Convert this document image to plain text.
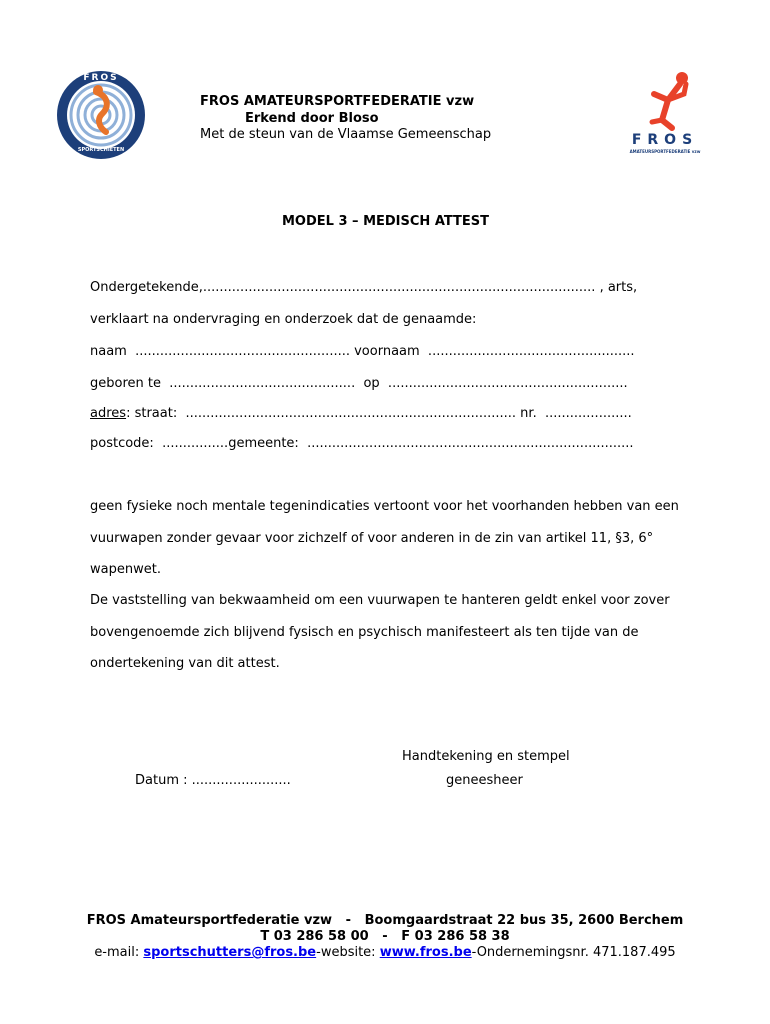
FROS
SPORTSCHIETEN
FROS
AMATEURSPORTFEDERATIE vzw
FROS AMATEURSPORTFEDERATIE vzw
Erkend door Bloso
Met de steun van de Vlaamse Gemeenschap
MODEL 3 – MEDISCH ATTEST
Ondergetekende,............................................................................................... , arts,
verklaart na ondervraging en onderzoek dat de genaamde:
naam  .................................................... voornaam  ..................................................
geboren te  .............................................  op  ..........................................................
adres: straat:  ................................................................................ nr.  .....................
postcode:  ................gemeente:  ...............................................................................
geen fysieke noch mentale tegenindicaties vertoont voor het voorhanden hebben van een
vuurwapen zonder gevaar voor zichzelf of voor anderen in de zin van artikel 11, §3, 6°
wapenwet.
De vaststelling van bekwaamheid om een vuurwapen te hanteren geldt enkel voor zover
bovengenoemde zich blijvend fysisch en psychisch manifesteert als ten tijde van de
ondertekening van dit attest.
Handtekening en stempel
geneesheer
Datum : ........................
FROS Amateursportfederatie vzw   -   Boomgaardstraat 22 bus 35, 2600 Berchem
T 03 286 58 00   -   F 03 286 58 38
e-mail: sportschutters@fros.be-website: www.fros.be-Ondernemingsnr. 471.187.495
